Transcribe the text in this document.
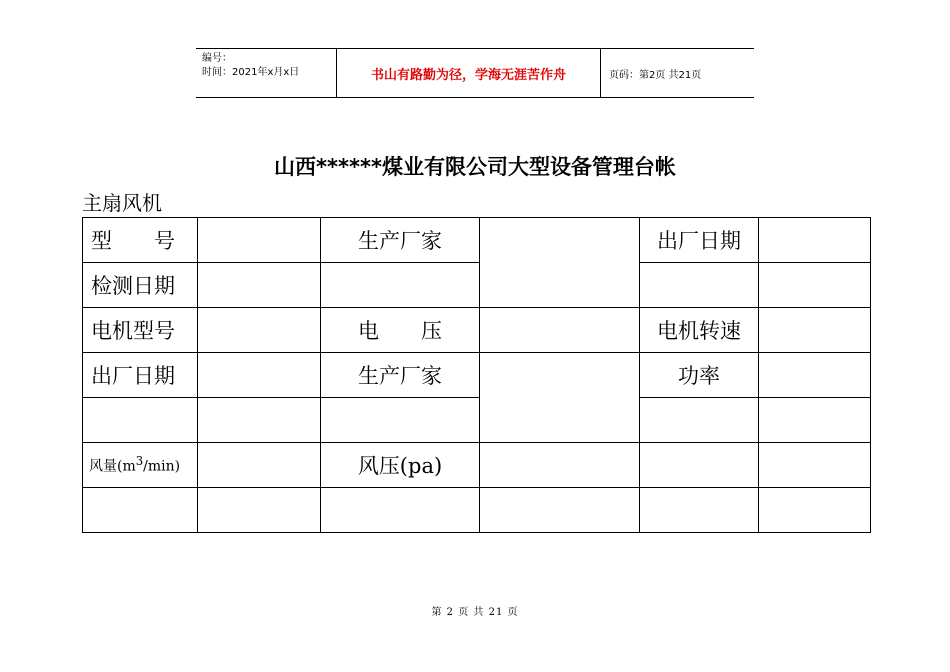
编号：
时间：2021年x月x日	书山有路勤为径，学海无涯苦作舟	页码：第2页 共21页
山西******煤业有限公司大型设备管理台帐
主扇风机
型　　号		生产厂家		出厂日期	
检测日期					
电机型号		电　　压		电机转速	
出厂日期		生产厂家		功率	

风量$(m^3/\min)$		风压(pa)			

第 2 页 共 21 页
